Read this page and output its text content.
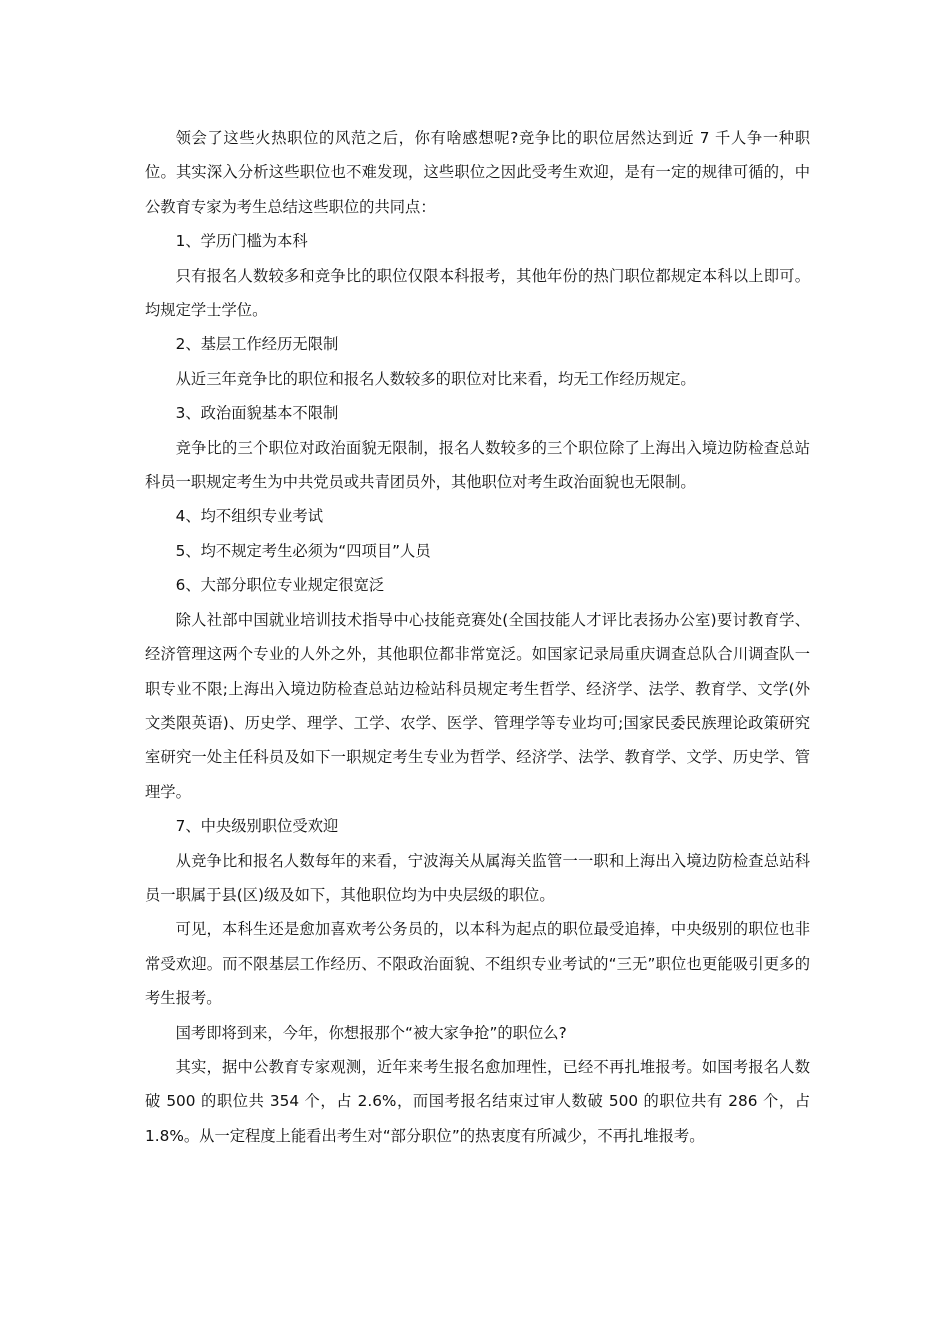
领会了这些火热职位的风范之后，你有啥感想呢?竞争比的职位居然达到近 7 千人争一种职位。其实深入分析这些职位也不难发现，这些职位之因此受考生欢迎，是有一定的规律可循的，中公教育专家为考生总结这些职位的共同点：

1、学历门槛为本科

只有报名人数较多和竞争比的职位仅限本科报考，其他年份的热门职位都规定本科以上即可。均规定学士学位。

2、基层工作经历无限制

从近三年竞争比的职位和报名人数较多的职位对比来看，均无工作经历规定。

3、政治面貌基本不限制

竞争比的三个职位对政治面貌无限制，报名人数较多的三个职位除了上海出入境边防检查总站科员一职规定考生为中共党员或共青团员外，其他职位对考生政治面貌也无限制。

4、均不组织专业考试

5、均不规定考生必须为“四项目”人员

6、大部分职位专业规定很宽泛

除人社部中国就业培训技术指导中心技能竞赛处(全国技能人才评比表扬办公室)要讨教育学、经济管理这两个专业的人外之外，其他职位都非常宽泛。如国家记录局重庆调查总队合川调查队一职专业不限;上海出入境边防检查总站边检站科员规定考生哲学、经济学、法学、教育学、文学(外文类限英语)、历史学、理学、工学、农学、医学、管理学等专业均可;国家民委民族理论政策研究室研究一处主任科员及如下一职规定考生专业为哲学、经济学、法学、教育学、文学、历史学、管理学。

7、中央级别职位受欢迎

从竞争比和报名人数每年的来看，宁波海关从属海关监管一一职和上海出入境边防检查总站科员一职属于县(区)级及如下，其他职位均为中央层级的职位。

可见，本科生还是愈加喜欢考公务员的，以本科为起点的职位最受追捧，中央级别的职位也非常受欢迎。而不限基层工作经历、不限政治面貌、不组织专业考试的“三无”职位也更能吸引更多的考生报考。

国考即将到来，今年，你想报那个“被大家争抢”的职位么?

其实，据中公教育专家观测，近年来考生报名愈加理性，已经不再扎堆报考。如国考报名人数破 500 的职位共 354 个，占 2.6%，而国考报名结束过审人数破 500 的职位共有 286 个，占 1.8%。从一定程度上能看出考生对“部分职位”的热衷度有所减少，不再扎堆报考。
